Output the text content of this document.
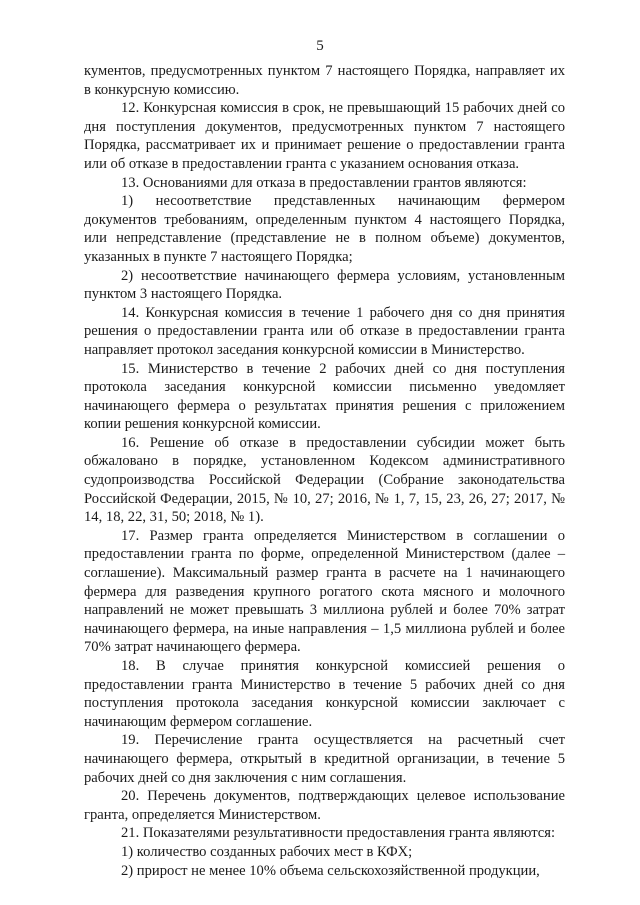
5

кументов, предусмотренных пунктом 7 настоящего Порядка, направляет их в конкурсную комиссию.

12. Конкурсная комиссия в срок, не превышающий 15 рабочих дней со дня поступления документов, предусмотренных пунктом 7 настоящего Порядка, рассматривает их и принимает решение о предоставлении гранта или об отказе в предоставлении гранта с указанием основания отказа.

13. Основаниями для отказа в предоставлении грантов являются:

1) несоответствие представленных начинающим фермером документов требованиям, определенным пунктом 4 настоящего Порядка, или непредставление (представление не в полном объеме) документов, указанных в пункте 7 настоящего Порядка;

2) несоответствие начинающего фермера условиям, установленным пунктом 3 настоящего Порядка.

14. Конкурсная комиссия в течение 1 рабочего дня со дня принятия решения о предоставлении гранта или об отказе в предоставлении гранта направляет протокол заседания конкурсной комиссии в Министерство.

15. Министерство в течение 2 рабочих дней со дня поступления протокола заседания конкурсной комиссии письменно уведомляет начинающего фермера о результатах принятия решения с приложением копии решения конкурсной комиссии.

16. Решение об отказе в предоставлении субсидии может быть обжаловано в порядке, установленном Кодексом административного судопроизводства Российской Федерации (Собрание законодательства Российской Федерации, 2015, № 10, 27; 2016, № 1, 7, 15, 23, 26, 27; 2017, № 14, 18, 22, 31, 50; 2018, № 1).

17. Размер гранта определяется Министерством в соглашении о предоставлении гранта по форме, определенной Министерством (далее – соглашение). Максимальный размер гранта в расчете на 1 начинающего фермера для разведения крупного рогатого скота мясного и молочного направлений не может превышать 3 миллиона рублей и более 70% затрат начинающего фермера, на иные направления – 1,5 миллиона рублей и более 70% затрат начинающего фермера.

18. В случае принятия конкурсной комиссией решения о предоставлении гранта Министерство в течение 5 рабочих дней со дня поступления протокола заседания конкурсной комиссии заключает с начинающим фермером соглашение.

19. Перечисление гранта осуществляется на расчетный счет начинающего фермера, открытый в кредитной организации, в течение 5 рабочих дней со дня заключения с ним соглашения.

20. Перечень документов, подтверждающих целевое использование гранта, определяется Министерством.

21. Показателями результативности предоставления гранта являются:

1) количество созданных рабочих мест в КФХ;

2) прирост не менее 10% объема сельскохозяйственной продукции,
